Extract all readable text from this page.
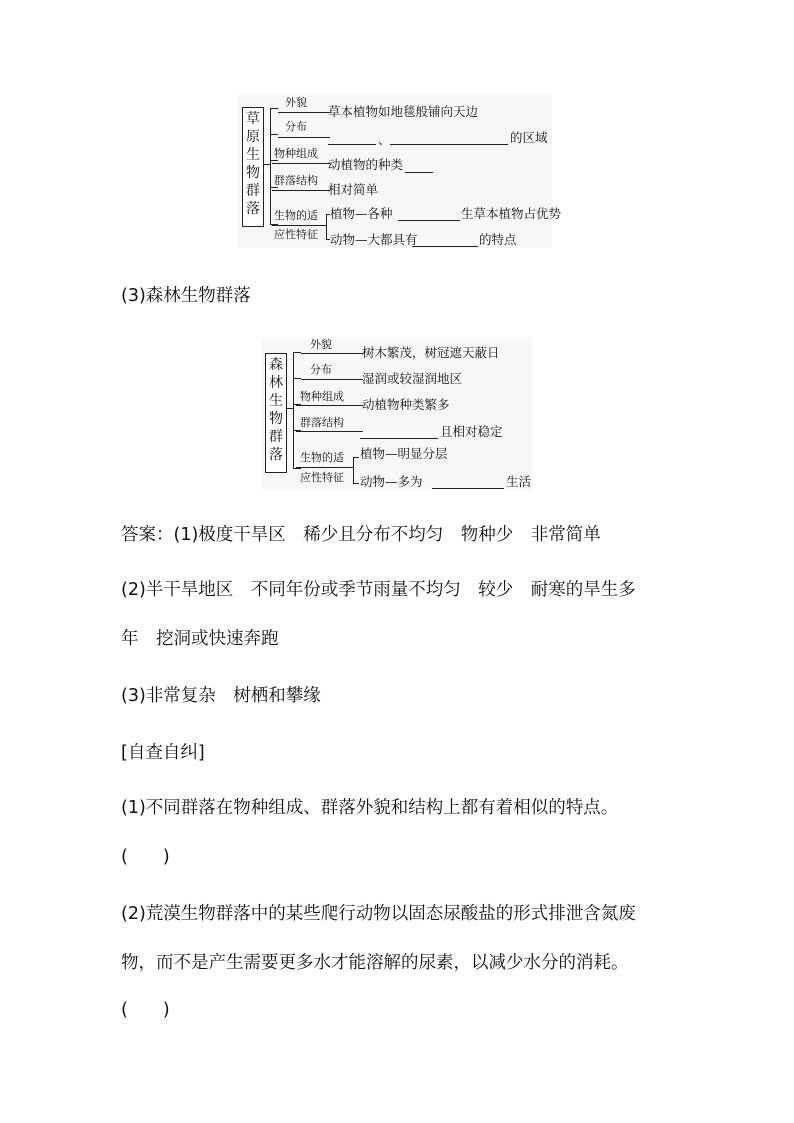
草
原
生
物
群
落
外貌
分布
物种组成
群落结构
生物的适
应性特征
草本植物如地毯般铺向天边
、	的区域
动植物的种类
相对简单
植物—各种	生草本植物占优势
动物—大都具有	的特点
(3)森林生物群落
森
林
生
物
群
落
外貌
分布
物种组成
群落结构
生物的适
应性特征
树木繁茂，树冠遮天蔽日
湿润或较湿润地区
动植物种类繁多
且相对稳定
植物—明显分层
动物—多为	生活
答案：(1)极度干旱区　稀少且分布不均匀　物种少　非常简单
(2)半干旱地区　不同年份或季节雨量不均匀　较少　耐寒的旱生多
年　挖洞或快速奔跑
(3)非常复杂　树栖和攀缘
[自查自纠]
(1)不同群落在物种组成、群落外貌和结构上都有着相似的特点。
(　　)
(2)荒漠生物群落中的某些爬行动物以固态尿酸盐的形式排泄含氮废
物，而不是产生需要更多水才能溶解的尿素，以减少水分的消耗。
(　　)
